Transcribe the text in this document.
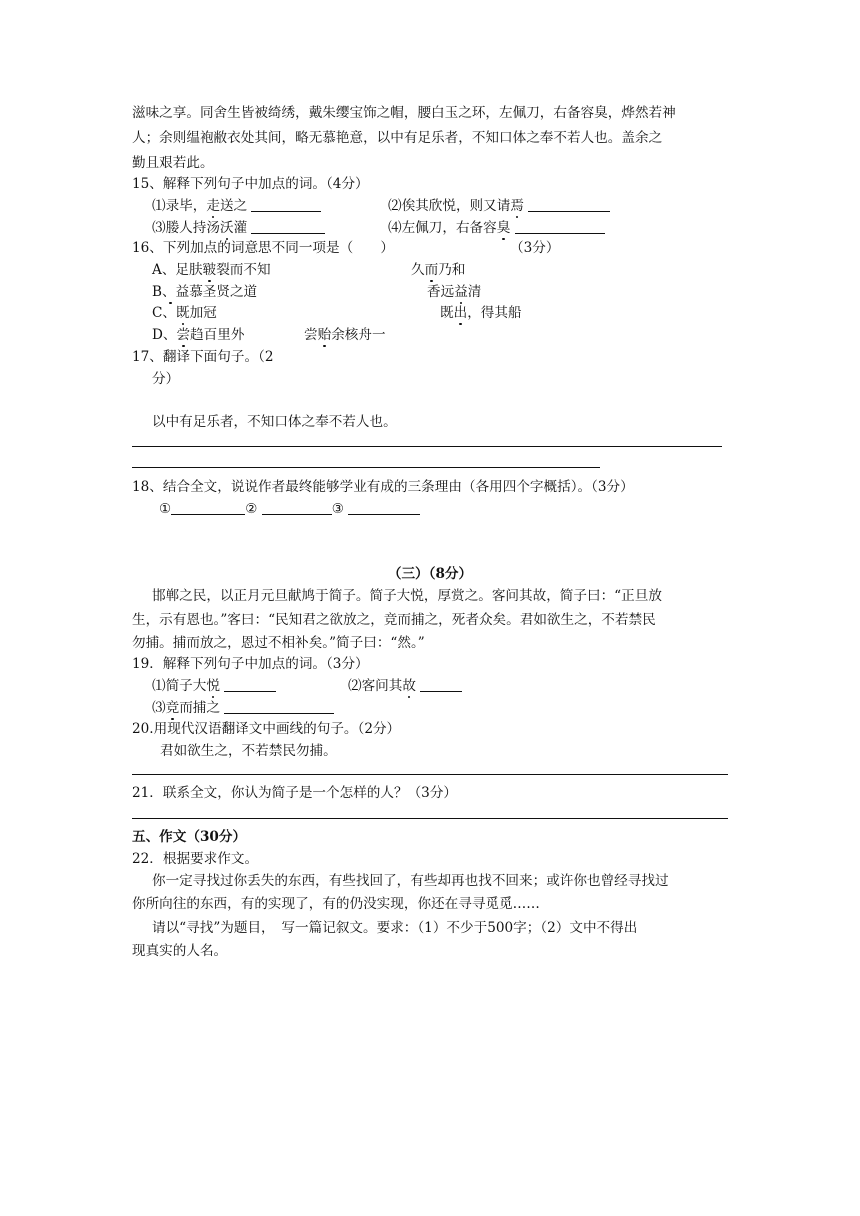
滋味之享。同舍生皆被绮绣，戴朱缨宝饰之帽，腰白玉之环，左佩刀，右备容臭，烨然若神
人；余则缊袍敝衣处其间，略无慕艳意，以中有足乐者，不知口体之奉不若人也。盖余之
勤且艰若此。
15、解释下列句子中加点的词。（4分）
⑴录毕，走送之	⑵俟其欣悦，则又请焉
⑶媵人持汤沃灌	⑷左佩刀，右备容臭
16、下列加点的词意思不同一项是（　　）	（3分）
A、足肤皲裂而不知	久而乃和
B、益慕圣贤之道	香远益清
C、既加冠	既出，得其船
D、尝趋百里外	尝贻余核舟一
17、翻译下面句子。（2
分）
以中有足乐者，不知口体之奉不若人也。
18、结合全文，说说作者最终能够学业有成的三条理由（各用四个字概括）。（3分）
①	②	③
（三）（8分）
邯郸之民，以正月元旦献鸠于简子。简子大悦，厚赏之。客问其故，简子曰：“正旦放
生，示有恩也。”客曰：“民知君之欲放之，竞而捕之，死者众矣。君如欲生之，不若禁民
勿捕。捕而放之，恩过不相补矣。”简子曰：“然。”
19．解释下列句子中加点的词。（3分）
⑴简子大悦	⑵客问其故
⑶竞而捕之
20.用现代汉语翻译文中画线的句子。（2分）
君如欲生之，不若禁民勿捕。
21．联系全文，你认为简子是一个怎样的人？（3分）
五、作文（30分）
22．根据要求作文。
你一定寻找过你丢失的东西，有些找回了，有些却再也找不回来；或许你也曾经寻找过
你所向往的东西，有的实现了，有的仍没实现，你还在寻寻觅觅……
请以“寻找”为题目，　写一篇记叙文。要求：（1）不少于500字；（2）文中不得出
现真实的人名。
